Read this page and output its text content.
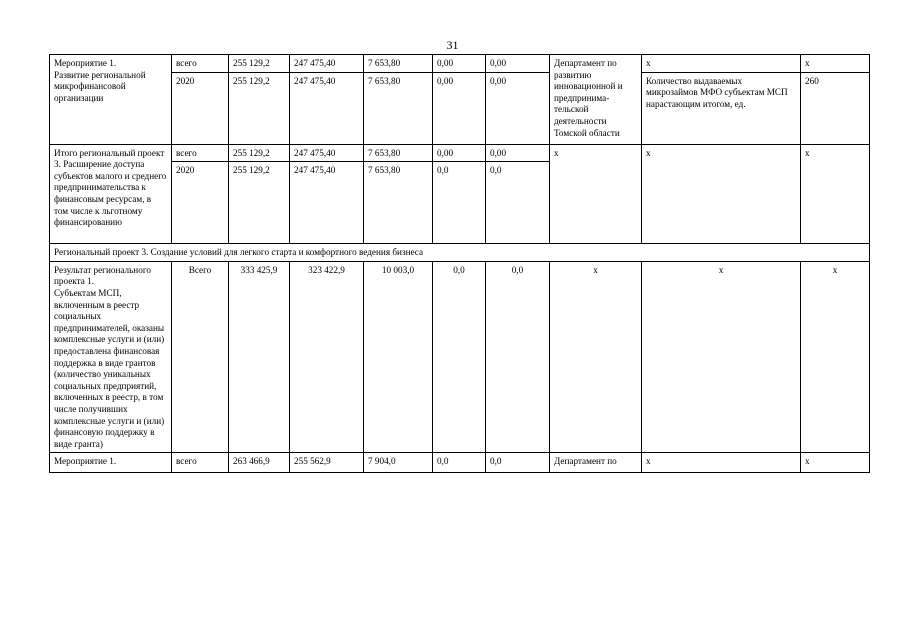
31
Мероприятие 1.
Развитие региональной микрофинансовой организации	всего	255 129,2	247 475,40	7 653,80	0,00	0,00	Департамент по развитию инновационной и предпринима-тельской деятельности Томской области	х	х
	2020	255 129,2	247 475,40	7 653,80	0,00	0,00		Количество выдаваемых микрозаймов МФО субъектам МСП нарастающим итогом, ед.	260
Итого региональный проект 3. Расширение доступа субъектов малого и среднего предпринимательства к финансовым ресурсам, в том числе к льготному финансированию	всего	255 129,2	247 475,40	7 653,80	0,00	0,00	х	х	х
	2020	255 129,2	247 475,40	7 653,80	0,0	0,0			
Региональный проект 3. Создание условий для легкого старта и комфортного ведения бизнеса									
Результат регионального проекта 1.
Субъектам МСП, включенным в реестр социальных предпринимателей, оказаны комплексные услуги и (или) предоставлена финансовая поддержка в виде грантов (количество уникальных социальных предприятий, включенных в реестр, в том числе получивших комплексные услуги и (или) финансовую поддержку в виде гранта)	Всего	333 425,9	323 422,9	10 003,0	0,0	0,0	х	х	х
Мероприятие 1.	всего	263 466,9	255 562,9	7 904,0	0,0	0,0	Департамент по	х	х
